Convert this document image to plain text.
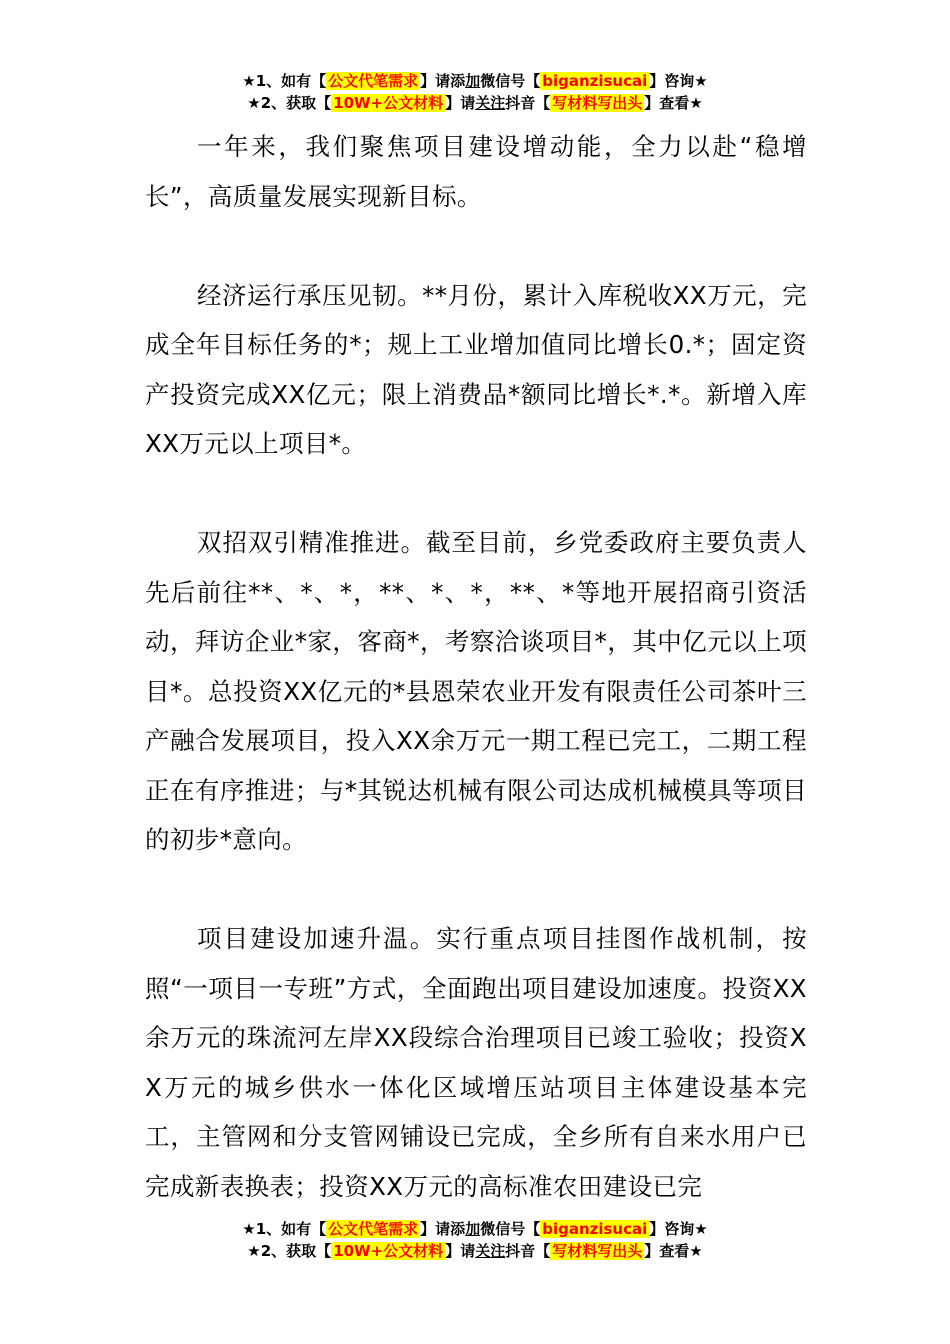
★1、如有【 公文代笔需求 】请添加微信号【 biganzisucai 】咨询★
★2、获取【 10W+公文材料 】请关注抖音【 写材料写出头 】查看★

一年来，我们聚焦项目建设增动能，全力以赴“稳增长”，高质量发展实现新目标。

经济运行承压见韧。**月份，累计入库税收XX万元，完成全年目标任务的*；规上工业增加值同比增长0.*；固定资产投资完成XX亿元；限上消费品*额同比增长*.*。新增入库XX万元以上项目*。

双招双引精准推进。截至目前，乡党委政府主要负责人先后前往**、*、*，**、*、*，**、*等地开展招商引资活动，拜访企业*家，客商*，考察洽谈项目*，其中亿元以上项目*。总投资XX亿元的*县恩荣农业开发有限责任公司茶叶三产融合发展项目，投入XX余万元一期工程已完工，二期工程正在有序推进；与*其锐达机械有限公司达成机械模具等项目的初步*意向。

项目建设加速升温。实行重点项目挂图作战机制，按照“一项目一专班”方式，全面跑出项目建设加速度。投资XX余万元的珠流河左岸XX段综合治理项目已竣工验收；投资XX万元的城乡供水一体化区域增压站项目主体建设基本完工，主管网和分支管网铺设已完成，全乡所有自来水用户已完成新表换表；投资XX万元的高标准农田建设已完

★1、如有【 公文代笔需求 】请添加微信号【 biganzisucai 】咨询★
★2、获取【 10W+公文材料 】请关注抖音【 写材料写出头 】查看★
